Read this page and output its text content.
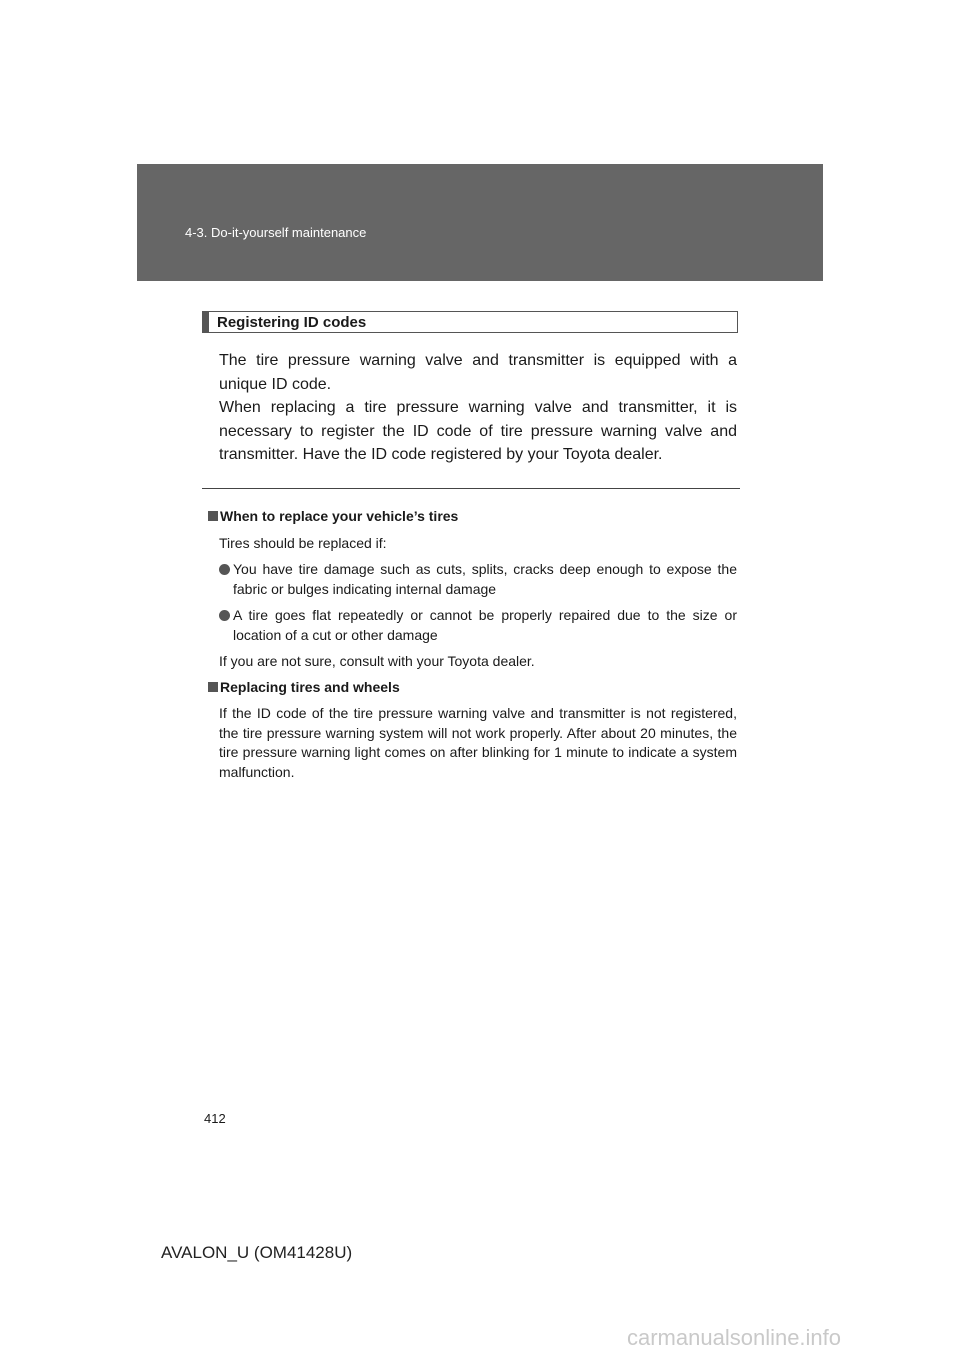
4-3. Do-it-yourself maintenance
Registering ID codes

The tire pressure warning valve and transmitter is equipped with a unique ID code.

When replacing a tire pressure warning valve and transmitter, it is necessary to register the ID code of tire pressure warning valve and transmitter. Have the ID code registered by your Toyota dealer.

When to replace your vehicle’s tires

Tires should be replaced if:

You have tire damage such as cuts, splits, cracks deep enough to expose the fabric or bulges indicating internal damage

A tire goes flat repeatedly or cannot be properly repaired due to the size or location of a cut or other damage

If you are not sure, consult with your Toyota dealer.

Replacing tires and wheels

If the ID code of the tire pressure warning valve and transmitter is not registered, the tire pressure warning system will not work properly. After about 20 minutes, the tire pressure warning light comes on after blinking for 1 minute to indicate a system malfunction.

412
AVALON_U (OM41428U)
carmanualsonline.info
